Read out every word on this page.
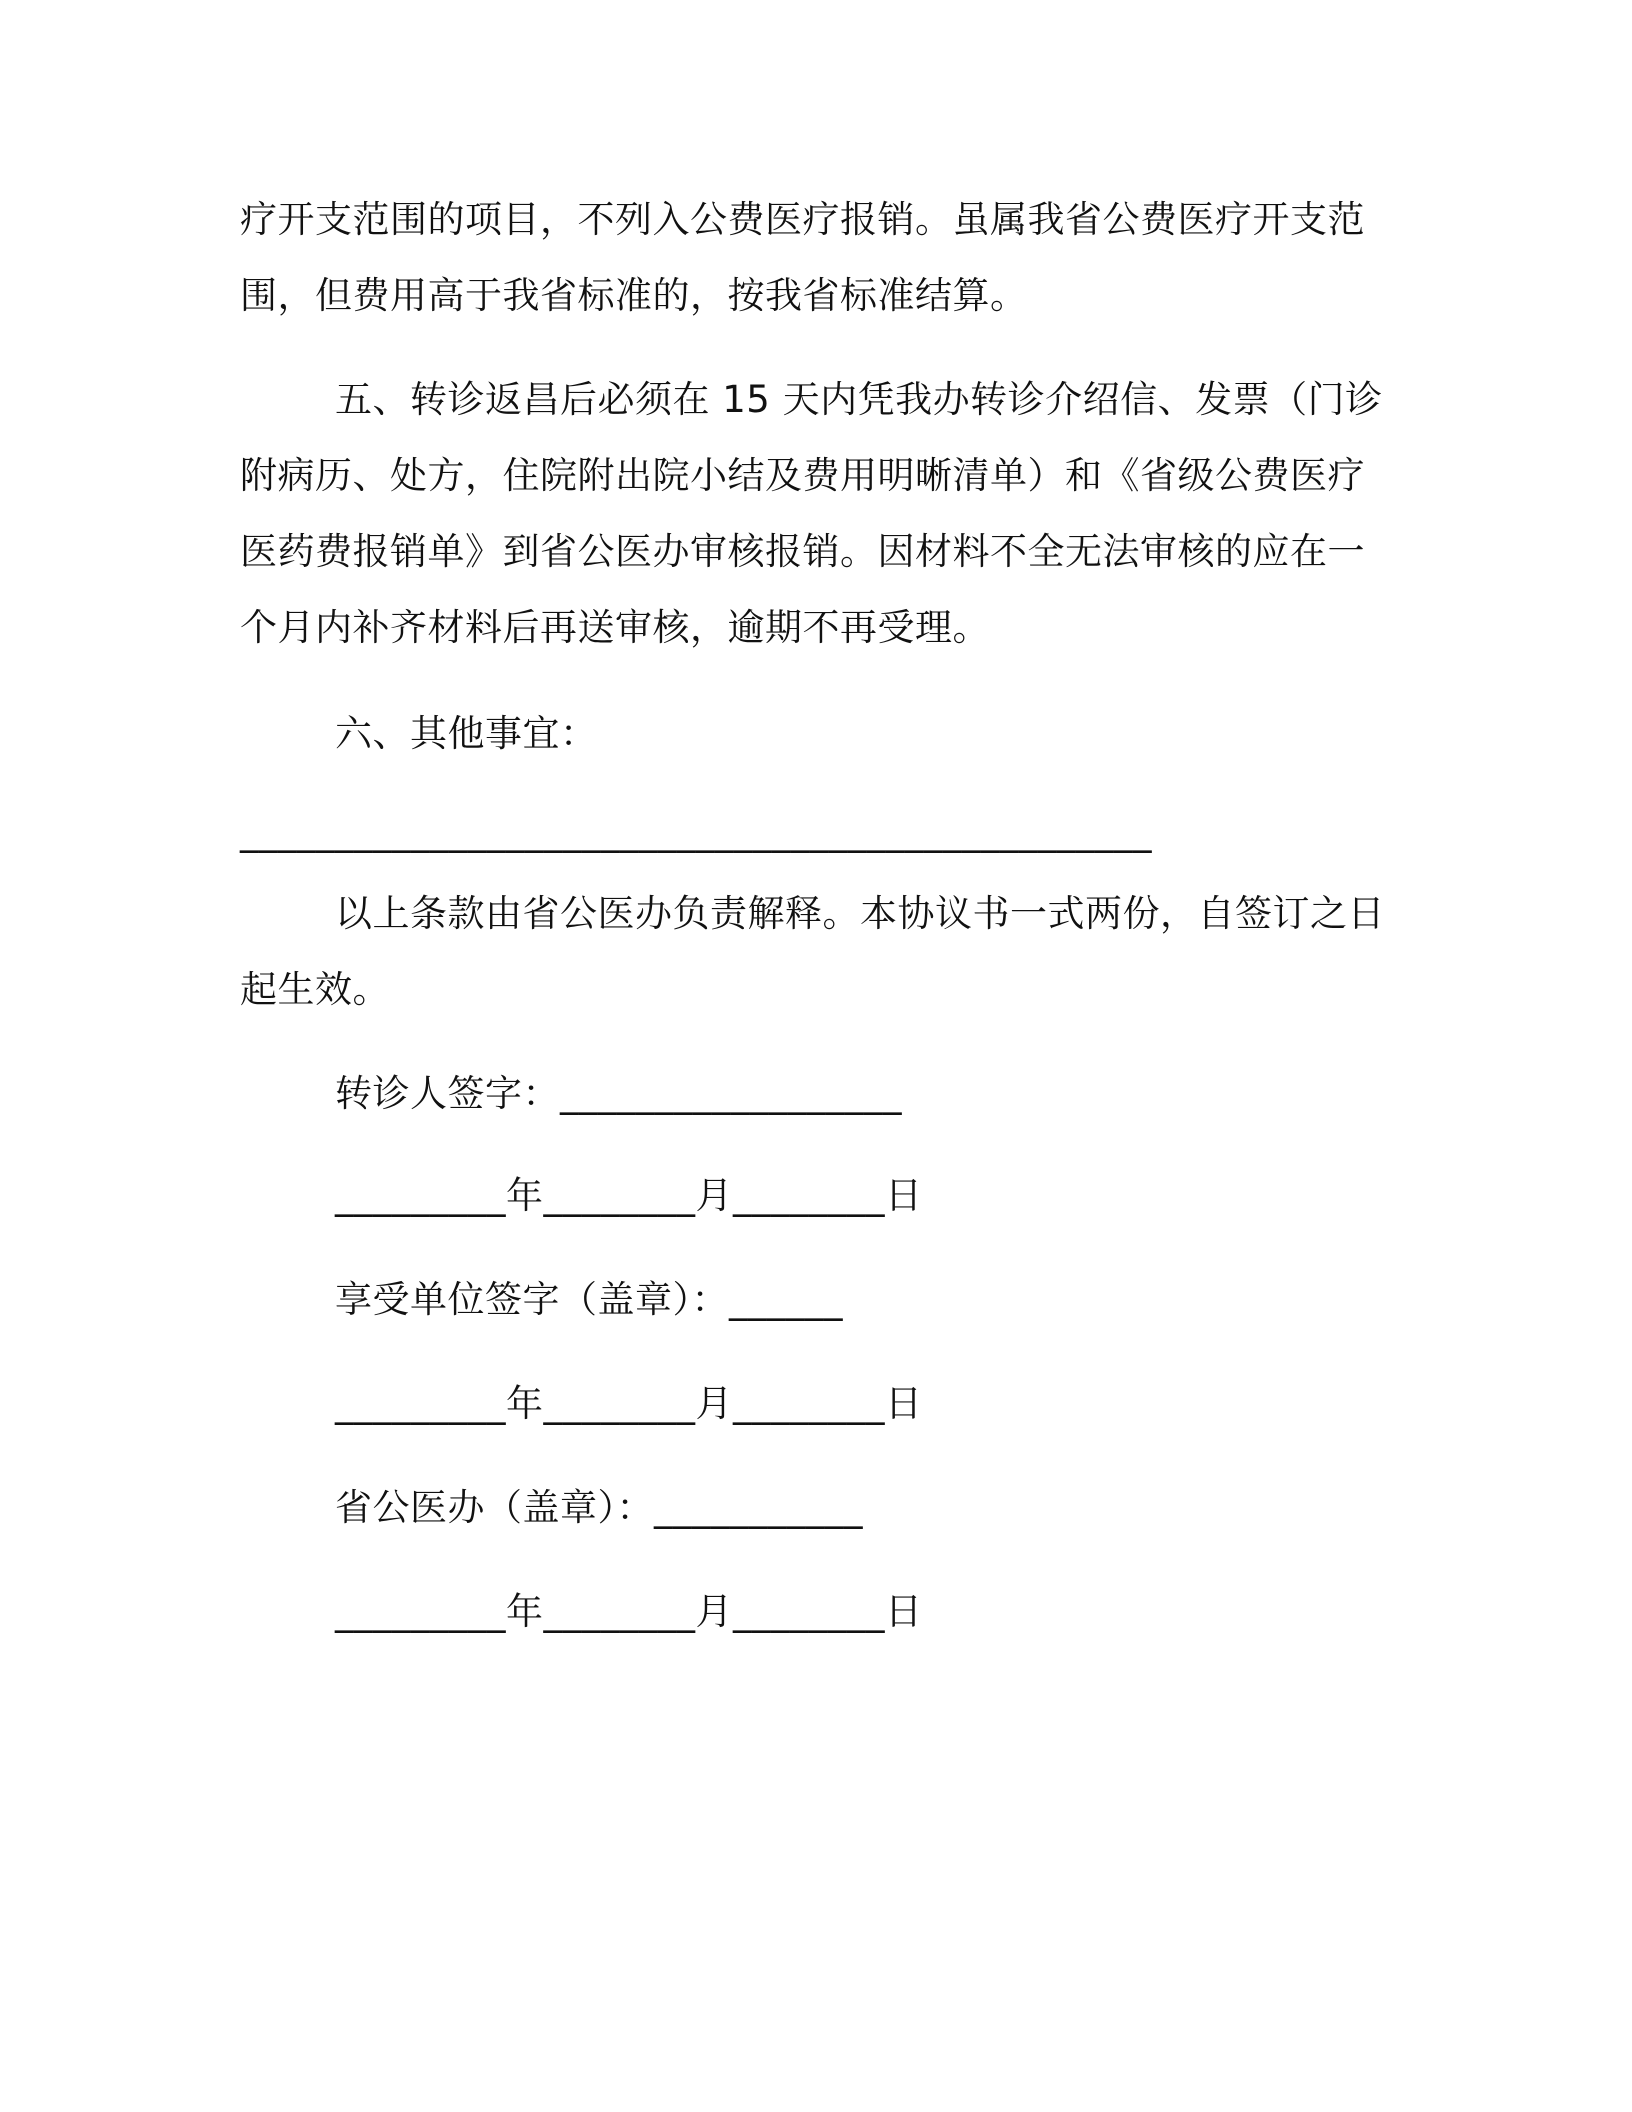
疗开支范围的项目，不列入公费医疗报销。虽属我省公费医疗开支范
围，但费用高于我省标准的，按我省标准结算。
五、转诊返昌后必须在 15 天内凭我办转诊介绍信、发票（门诊
附病历、处方，住院附出院小结及费用明晰清单）和《省级公费医疗
医药费报销单》到省公医办审核报销。因材料不全无法审核的应在一
个月内补齐材料后再送审核，逾期不再受理。
六、其他事宜：
________________________________________________
以上条款由省公医办负责解释。本协议书一式两份，自签订之日
起生效。
转诊人签字：__________________
_________年________月________日
享受单位签字（盖章）：______
_________年________月________日
省公医办（盖章）：___________
_________年________月________日
